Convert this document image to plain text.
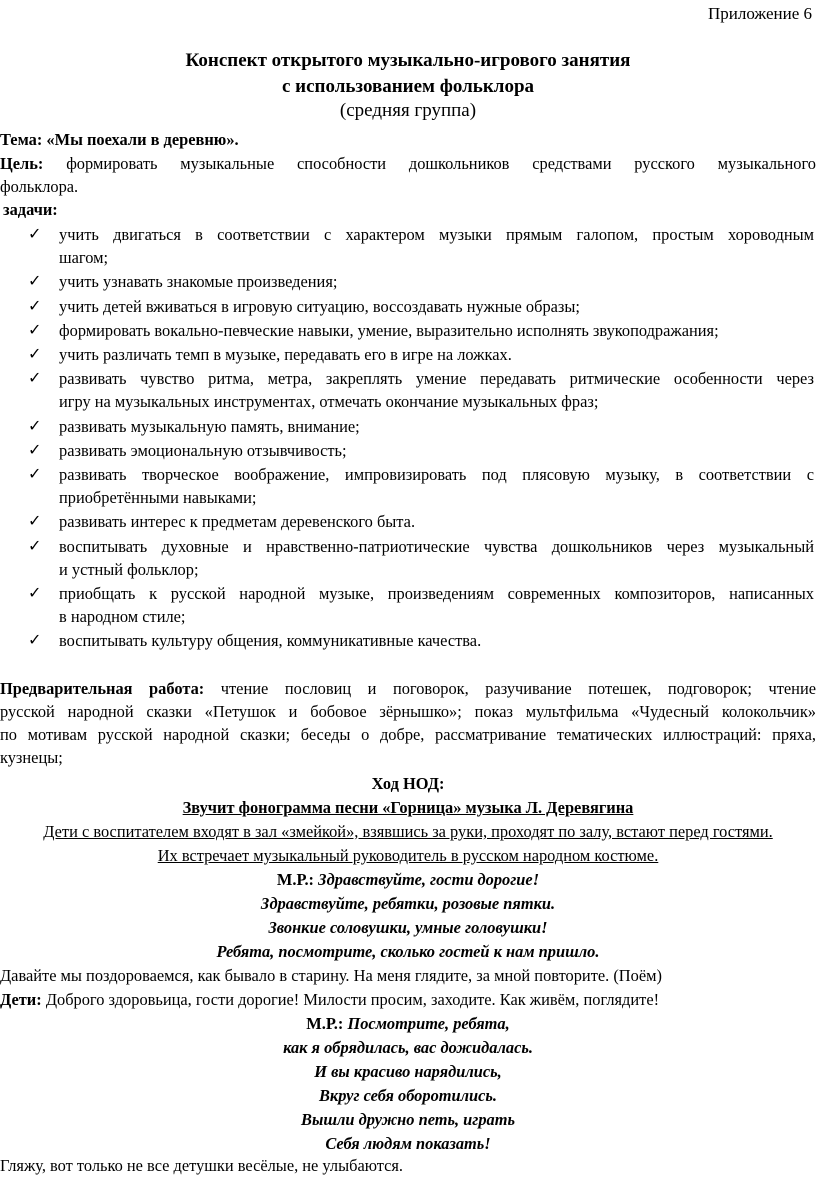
Приложение 6
Конспект открытого музыкально-игрового занятия
с использованием фольклора
(средняя группа)
Тема: «Мы поехали в деревню».
Цель: формировать музыкальные способности дошкольников средствами русского музыкального
фольклора.
задачи:
✓ учить двигаться в соответствии с характером музыки прямым галопом, простым хороводным
шагом;
✓ учить узнавать знакомые произведения;
✓ учить детей вживаться в игровую ситуацию, воссоздавать нужные образы;
✓ формировать вокально-певческие навыки, умение, выразительно исполнять звукоподражания;
✓ учить различать темп в музыке, передавать его в игре на ложках.
✓ развивать чувство ритма, метра, закреплять умение передавать ритмические особенности через
игру на музыкальных инструментах, отмечать окончание музыкальных фраз;
✓ развивать музыкальную память, внимание;
✓ развивать эмоциональную отзывчивость;
✓ развивать творческое воображение, импровизировать под плясовую музыку, в соответствии с
приобретёнными навыками;
✓ развивать интерес к предметам деревенского быта.
✓ воспитывать духовные и нравственно-патриотические чувства дошкольников через музыкальный
и устный фольклор;
✓ приобщать к русской народной музыке, произведениям современных композиторов, написанных
в народном стиле;
✓ воспитывать культуру общения, коммуникативные качества.
Предварительная работа: чтение пословиц и поговорок, разучивание потешек, подговорок; чтение
русской народной сказки «Петушок и бобовое зёрнышко»; показ мультфильма «Чудесный колокольчик»
по мотивам русской народной сказки; беседы о добре, рассматривание тематических иллюстраций: пряха,
кузнецы;
Ход НОД:
Звучит фонограмма песни «Горница» музыка Л. Деревягина
Дети с воспитателем входят в зал «змейкой», взявшись за руки, проходят по залу, встают перед гостями.
Их встречает музыкальный руководитель в русском народном костюме.
М.Р.: Здравствуйте, гости дорогие!
Здравствуйте, ребятки, розовые пятки.
Звонкие соловушки, умные головушки!
Ребята, посмотрите, сколько гостей к нам пришло.
Давайте мы поздороваемся, как бывало в старину. На меня глядите, за мной повторите. (Поём)
Дети: Доброго здоровьица, гости дорогие! Милости просим, заходите. Как живём, поглядите!
М.Р.: Посмотрите, ребята,
как я обрядилась, вас дожидалась.
И вы красиво нарядились,
Вкруг себя оборотились.
Вышли дружно петь, играть
Себя людям показать!
Гляжу, вот только не все детушки весёлые, не улыбаются.
